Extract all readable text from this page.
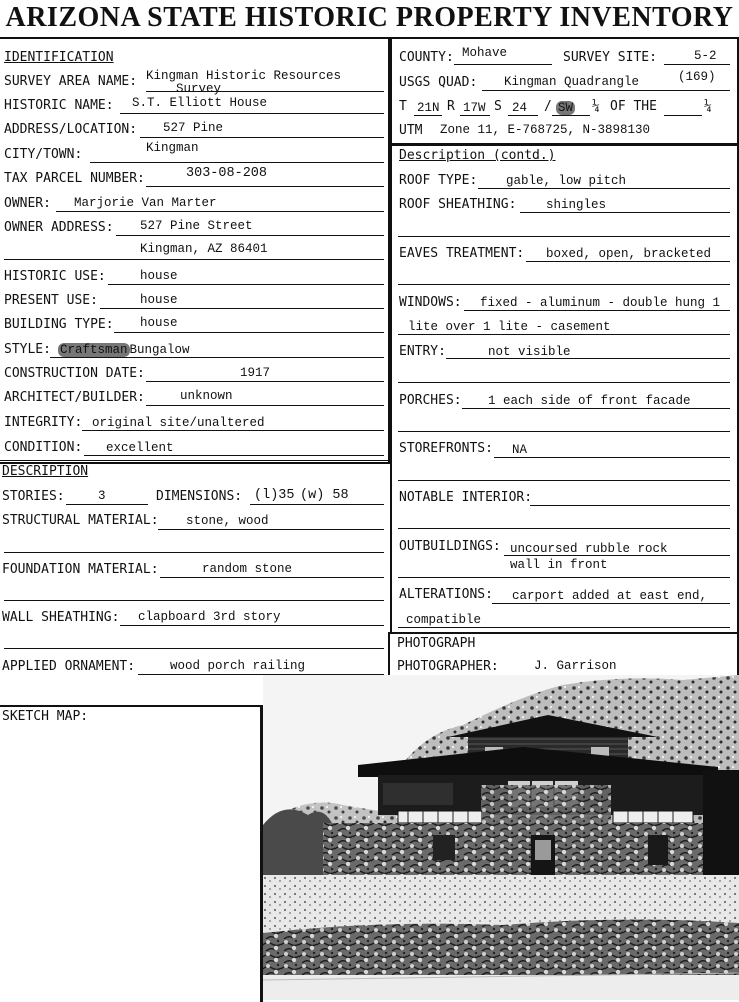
ARIZONA STATE HISTORIC PROPERTY INVENTORY
IDENTIFICATION
SURVEY AREA NAME: Kingman Historic Resources
Survey
HISTORIC NAME: S.T. Elliott House
ADDRESS/LOCATION: 527 Pine
CITY/TOWN:	Kingman
TAX PARCEL NUMBER:	303-08-208
OWNER: Marjorie Van Marter
OWNER ADDRESS: 527 Pine Street
Kingman, AZ 86401
HISTORIC USE:	house
PRESENT USE:	house
BUILDING TYPE: house
STYLE: Craftsman Bungalow
CONSTRUCTION DATE:	1917
ARCHITECT/BUILDER:	unknown
INTEGRITY: original site/unaltered
CONDITION: excellent
DESCRIPTION
STORIES:	3	DIMENSIONS: (l)35 (w) 58
STRUCTURAL MATERIAL: stone, wood
FOUNDATION MATERIAL:	random stone
WALL SHEATHING: clapboard 3rd story
APPLIED ORNAMENT:	wood porch railing
COUNTY: Mohave	SURVEY SITE:	5-2
USGS QUAD: Kingman Quadrangle	(169)
T 21N R 17W S 24 / SW ¼ OF THE	¼
UTM Zone 11, E-768725, N-3898130
Description (contd.)
ROOF TYPE: gable, low pitch
ROOF SHEATHING: shingles
EAVES TREATMENT: boxed, open, bracketed
WINDOWS: fixed - aluminum - double hung 1
lite over 1 lite - casement
ENTRY:	not visible
PORCHES: 1 each side of front facade
STOREFRONTS: NA
NOTABLE INTERIOR:
OUTBUILDINGS: uncoursed rubble rock
wall in front
ALTERATIONS: carport added at east end,
compatible
PHOTOGRAPH
PHOTOGRAPHER:	J. Garrison
SKETCH MAP:
